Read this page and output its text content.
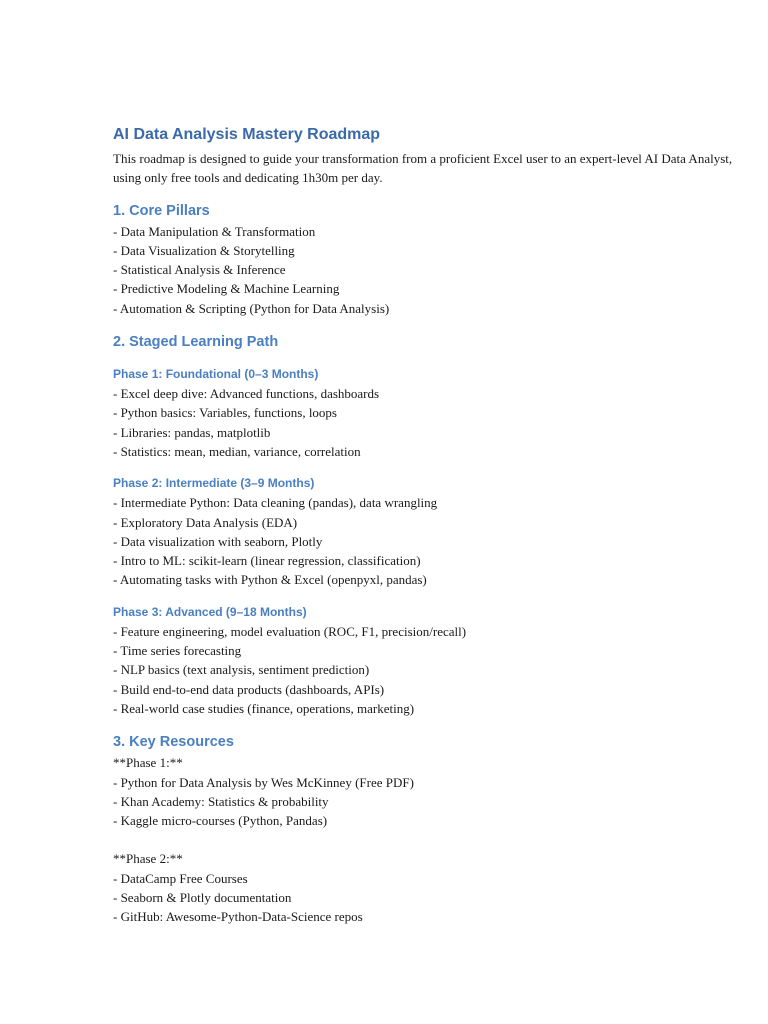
AI Data Analysis Mastery Roadmap

This roadmap is designed to guide your transformation from a proficient Excel user to an expert-level AI Data Analyst, using only free tools and dedicating 1h30m per day.

1. Core Pillars
- Data Manipulation & Transformation
- Data Visualization & Storytelling
- Statistical Analysis & Inference
- Predictive Modeling & Machine Learning
- Automation & Scripting (Python for Data Analysis)
2. Staged Learning Path
Phase 1: Foundational (0–3 Months)
- Excel deep dive: Advanced functions, dashboards
- Python basics: Variables, functions, loops
- Libraries: pandas, matplotlib
- Statistics: mean, median, variance, correlation
Phase 2: Intermediate (3–9 Months)
- Intermediate Python: Data cleaning (pandas), data wrangling
- Exploratory Data Analysis (EDA)
- Data visualization with seaborn, Plotly
- Intro to ML: scikit-learn (linear regression, classification)
- Automating tasks with Python & Excel (openpyxl, pandas)
Phase 3: Advanced (9–18 Months)
- Feature engineering, model evaluation (ROC, F1, precision/recall)
- Time series forecasting
- NLP basics (text analysis, sentiment prediction)
- Build end-to-end data products (dashboards, APIs)
- Real-world case studies (finance, operations, marketing)
3. Key Resources
**Phase 1:**
- Python for Data Analysis by Wes McKinney (Free PDF)
- Khan Academy: Statistics & probability
- Kaggle micro-courses (Python, Pandas)
**Phase 2:**
- DataCamp Free Courses
- Seaborn & Plotly documentation
- GitHub: Awesome-Python-Data-Science repos
